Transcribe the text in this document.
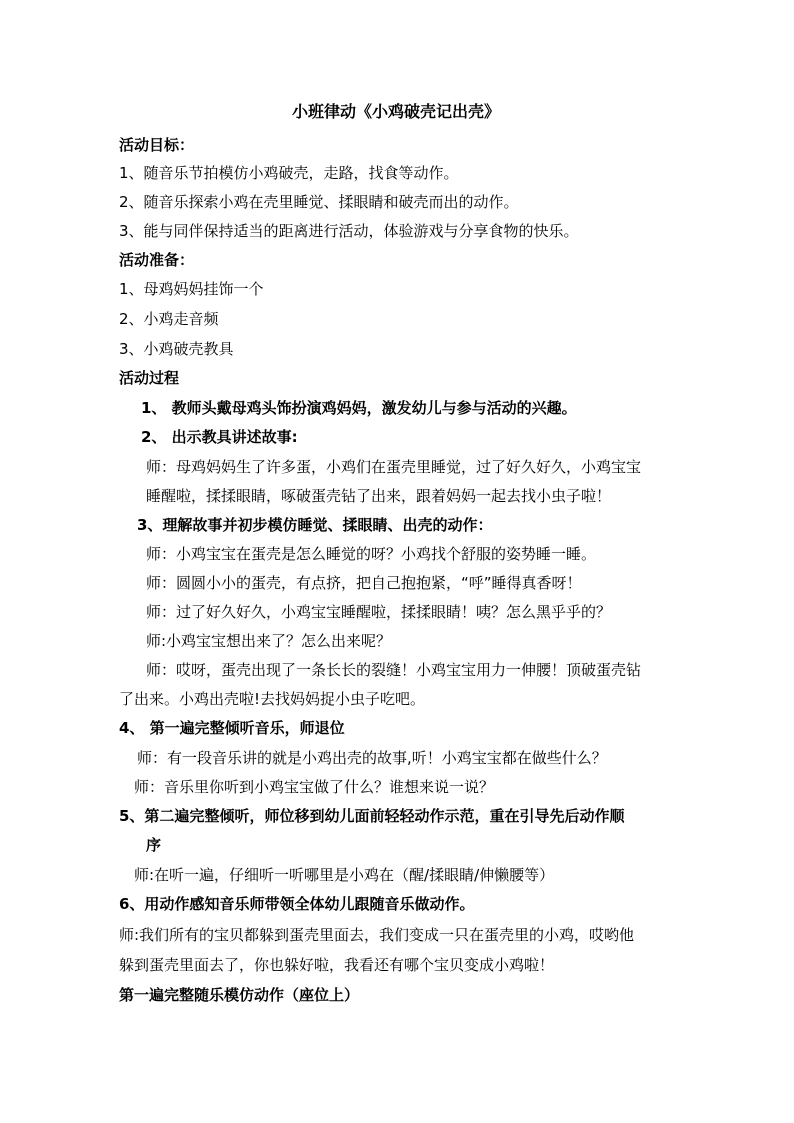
小班律动《小鸡破壳记出壳》
活动目标：
1、随音乐节拍模仿小鸡破壳，走路，找食等动作。
2、随音乐探索小鸡在壳里睡觉、揉眼睛和破壳而出的动作。
3、能与同伴保持适当的距离进行活动，体验游戏与分享食物的快乐。
活动准备：
1、母鸡妈妈挂饰一个
2、小鸡走音频
3、小鸡破壳教具
活动过程
1、 教师头戴母鸡头饰扮演鸡妈妈，激发幼儿与参与活动的兴趣。
2、 出示教具讲述故事:
师：母鸡妈妈生了许多蛋，小鸡们在蛋壳里睡觉，过了好久好久，小鸡宝宝
睡醒啦，揉揉眼睛，啄破蛋壳钻了出来，跟着妈妈一起去找小虫子啦！
3、理解故事并初步模仿睡觉、揉眼睛、出壳的动作：
师：小鸡宝宝在蛋壳是怎么睡觉的呀？小鸡找个舒服的姿势睡一睡。
师：圆圆小小的蛋壳，有点挤，把自己抱抱紧，“呼”睡得真香呀！
师：过了好久好久，小鸡宝宝睡醒啦，揉揉眼睛！咦？怎么黑乎乎的？
师:小鸡宝宝想出来了？怎么出来呢？
师：哎呀，蛋壳出现了一条长长的裂缝！小鸡宝宝用力一伸腰！顶破蛋壳钻
了出来。小鸡出壳啦!去找妈妈捉小虫子吃吧。
4、 第一遍完整倾听音乐，师退位
师：有一段音乐讲的就是小鸡出壳的故事,听！小鸡宝宝都在做些什么？
师：音乐里你听到小鸡宝宝做了什么？谁想来说一说？
5、第二遍完整倾听，师位移到幼儿面前轻轻动作示范，重在引导先后动作顺
序
师:在听一遍，仔细听一听哪里是小鸡在（醒/揉眼睛/伸懒腰等）
6、用动作感知音乐师带领全体幼儿跟随音乐做动作。
师:我们所有的宝贝都躲到蛋壳里面去，我们变成一只在蛋壳里的小鸡，哎哟他
躲到蛋壳里面去了，你也躲好啦，我看还有哪个宝贝变成小鸡啦！
第一遍完整随乐模仿动作（座位上）
